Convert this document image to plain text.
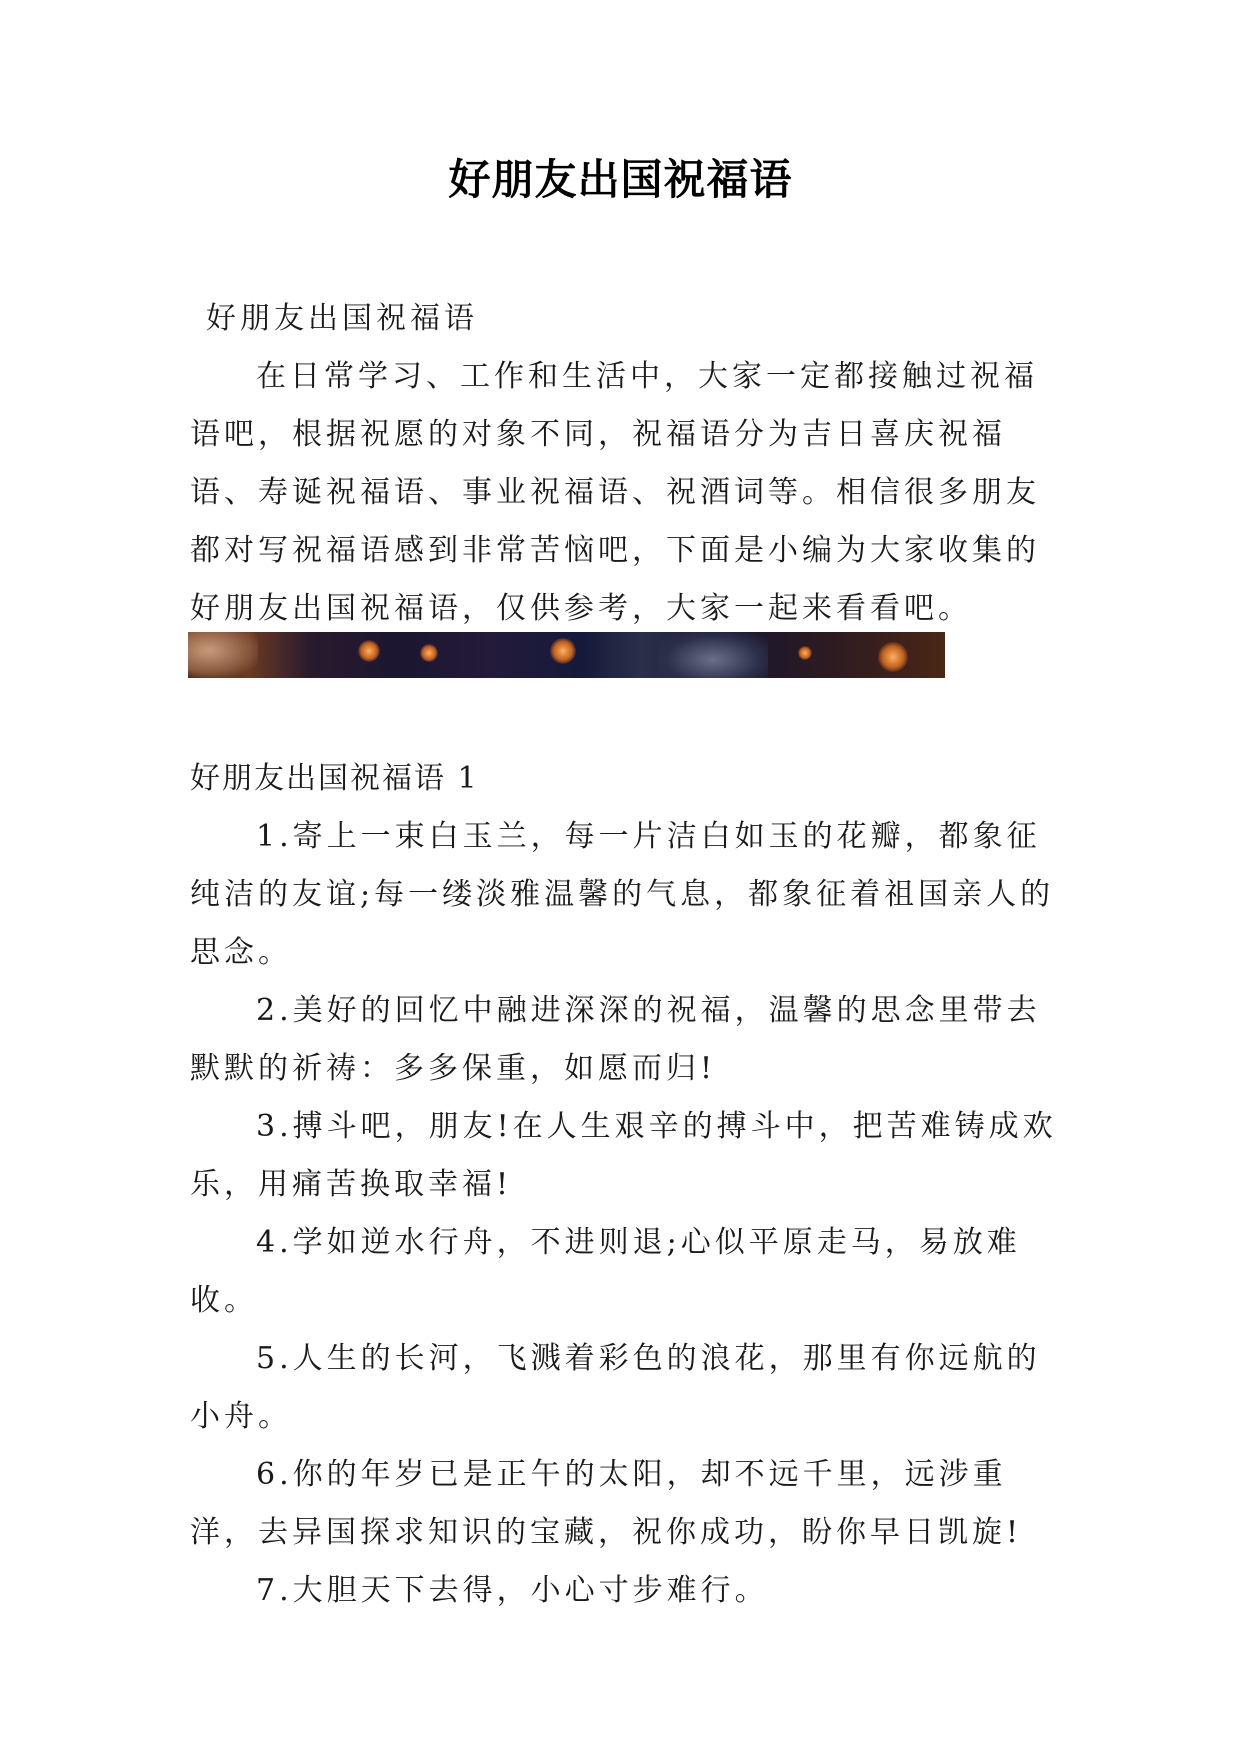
好朋友出国祝福语

好朋友出国祝福语

在日常学习、工作和生活中，大家一定都接触过祝福语吧，根据祝愿的对象不同，祝福语分为吉日喜庆祝福语、寿诞祝福语、事业祝福语、祝酒词等。相信很多朋友都对写祝福语感到非常苦恼吧，下面是小编为大家收集的好朋友出国祝福语，仅供参考，大家一起来看看吧。

好朋友出国祝福语 1

1.寄上一束白玉兰，每一片洁白如玉的花瓣，都象征纯洁的友谊;每一缕淡雅温馨的气息，都象征着祖国亲人的思念。

2.美好的回忆中融进深深的祝福，温馨的思念里带去默默的祈祷：多多保重，如愿而归!

3.搏斗吧，朋友!在人生艰辛的搏斗中，把苦难铸成欢乐，用痛苦换取幸福!

4.学如逆水行舟，不进则退;心似平原走马，易放难收。

5.人生的长河，飞溅着彩色的浪花，那里有你远航的小舟。

6.你的年岁已是正午的太阳，却不远千里，远涉重洋，去异国探求知识的宝藏，祝你成功，盼你早日凯旋!

7.大胆天下去得，小心寸步难行。
